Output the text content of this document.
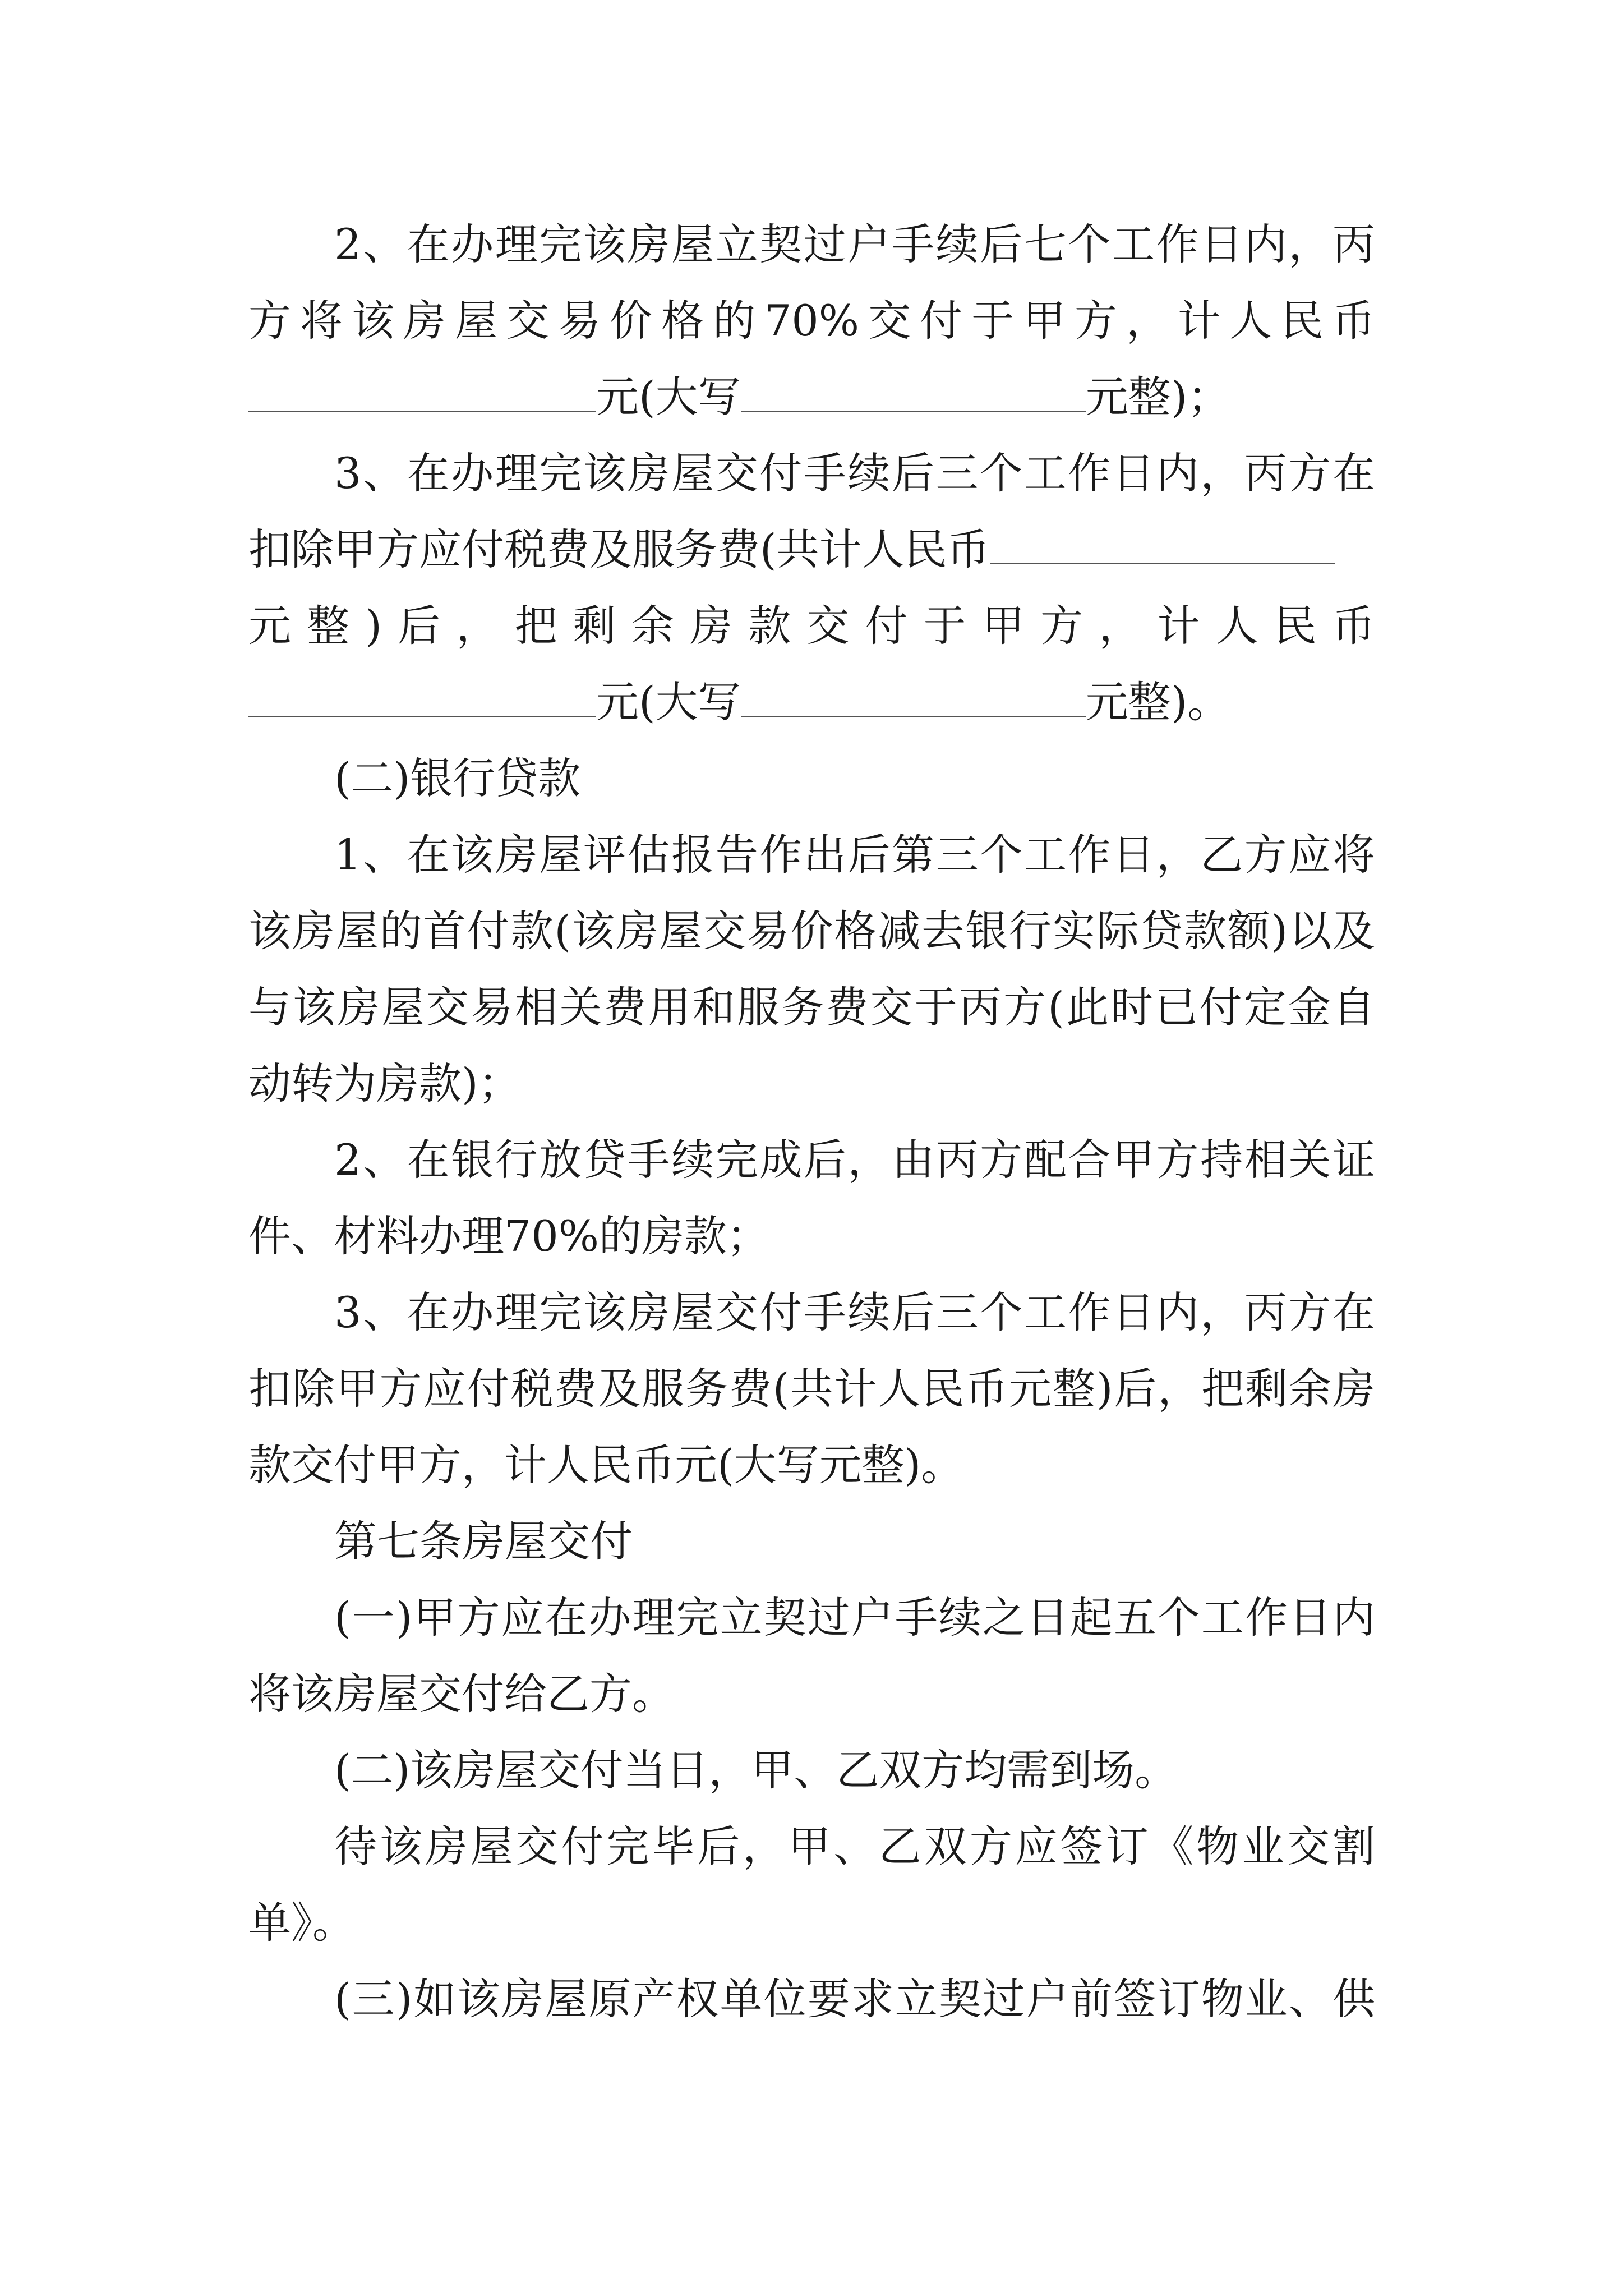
2、在办理完该房屋立契过户手续后七个工作日内，丙

方将该房屋交易价格的70%交付于甲方，计人民币

元(大写	元整)；

3、在办理完该房屋交付手续后三个工作日内，丙方在

扣除甲方应付税费及服务费(共计人民币

元整)后，把剩余房款交付于甲方，计人民币

元(大写	元整)。

(二)银行贷款

1、在该房屋评估报告作出后第三个工作日，乙方应将

该房屋的首付款(该房屋交易价格减去银行实际贷款额)以及

与该房屋交易相关费用和服务费交于丙方(此时已付定金自

动转为房款)；

2、在银行放贷手续完成后，由丙方配合甲方持相关证

件、材料办理70%的房款；

3、在办理完该房屋交付手续后三个工作日内，丙方在

扣除甲方应付税费及服务费(共计人民币元整)后，把剩余房

款交付甲方，计人民币元(大写元整)。

第七条房屋交付

(一)甲方应在办理完立契过户手续之日起五个工作日内

将该房屋交付给乙方。

(二)该房屋交付当日，甲、乙双方均需到场。

待该房屋交付完毕后，甲、乙双方应签订《物业交割

单》。

(三)如该房屋原产权单位要求立契过户前签订物业、供
